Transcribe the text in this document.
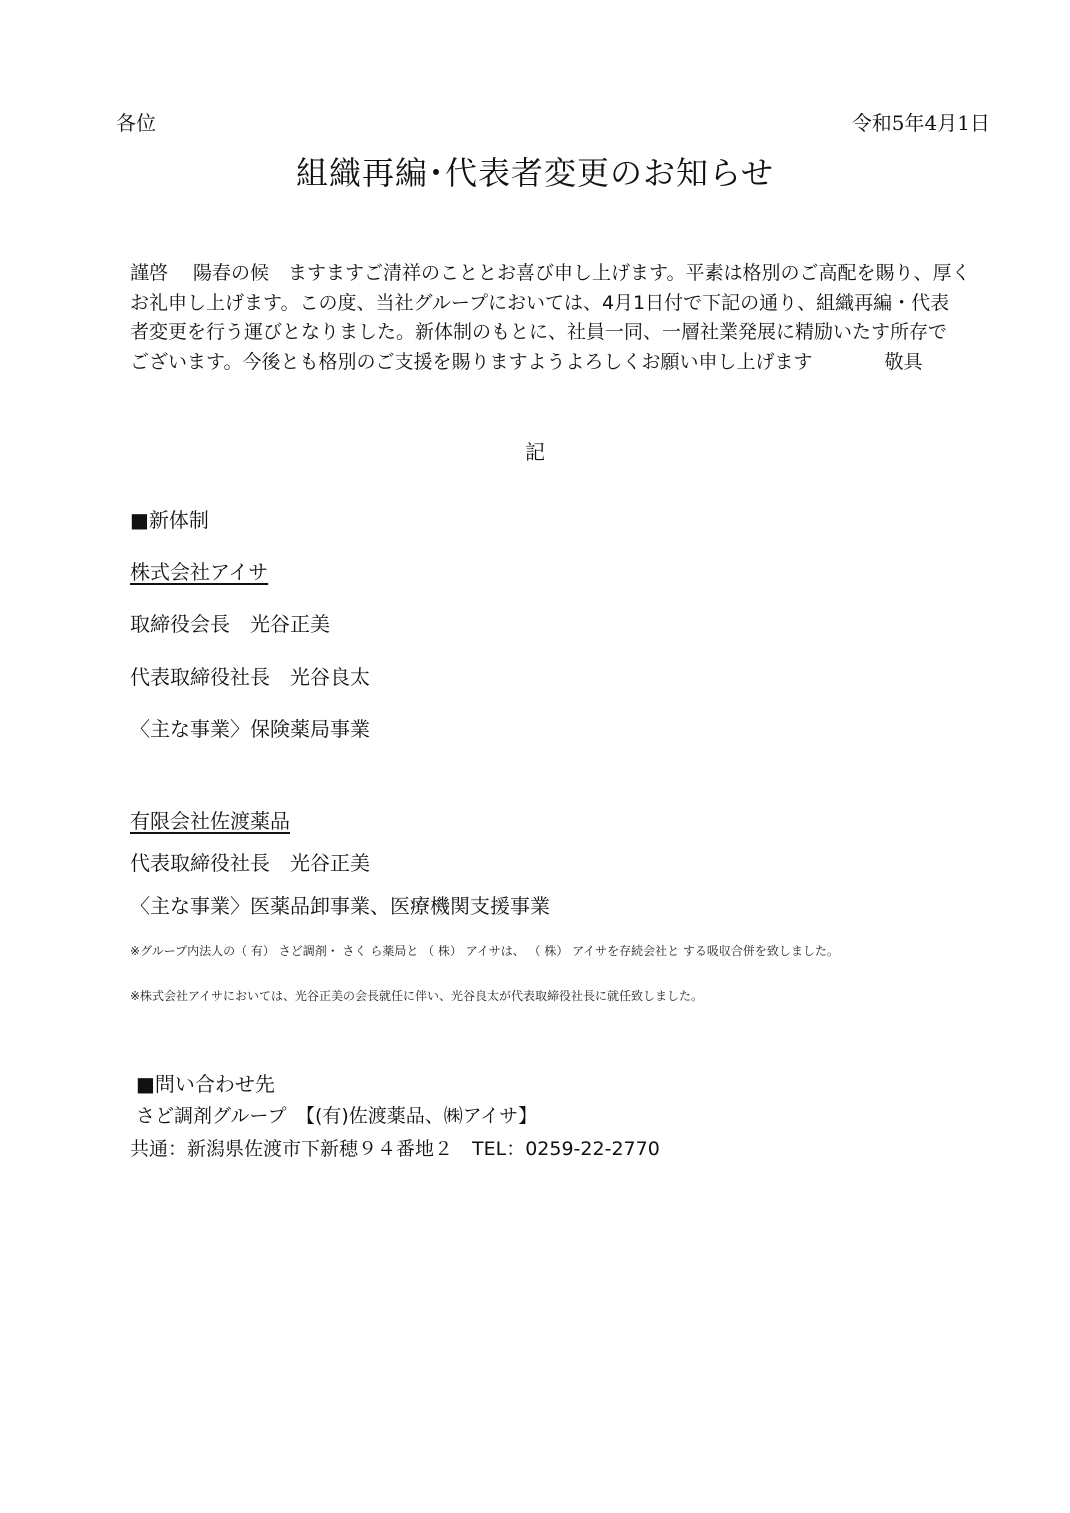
各位	令和5年4月1日
組織再編･代表者変更のお知らせ
謹啓　 陽春の候　ますますご清祥のこととお喜び申し上げます。平素は格別のご高配を賜り、厚く
お礼申し上げます。この度、当社グループにおいては、4月1日付で下記の通り、組織再編・代表
者変更を行う運びとなりました。新体制のもとに、社員一同、一層社業発展に精励いたす所存で
ございます。今後とも格別のご支援を賜りますようよろしくお願い申し上げます	敬具
記
■新体制
株式会社アイサ
取締役会長　光谷正美
代表取締役社長　光谷良太
〈主な事業〉保険薬局事業
有限会社佐渡薬品
代表取締役社長　光谷正美
〈主な事業〉医薬品卸事業、医療機関支援事業
※グループ内法人の（ 有） さど調剤・ さく ら薬局と （ 株） アイサは、 （ 株） アイサを存続会社と する吸収合併を致しました。
※株式会社アイサにおいては、光谷正美の会長就任に伴い、光谷良太が代表取締役社長に就任致しました。
■問い合わせ先
さど調剤グループ　【(有)佐渡薬品、㈱アイサ】
共通：新潟県佐渡市下新穂９４番地２　TEL：0259-22-2770
